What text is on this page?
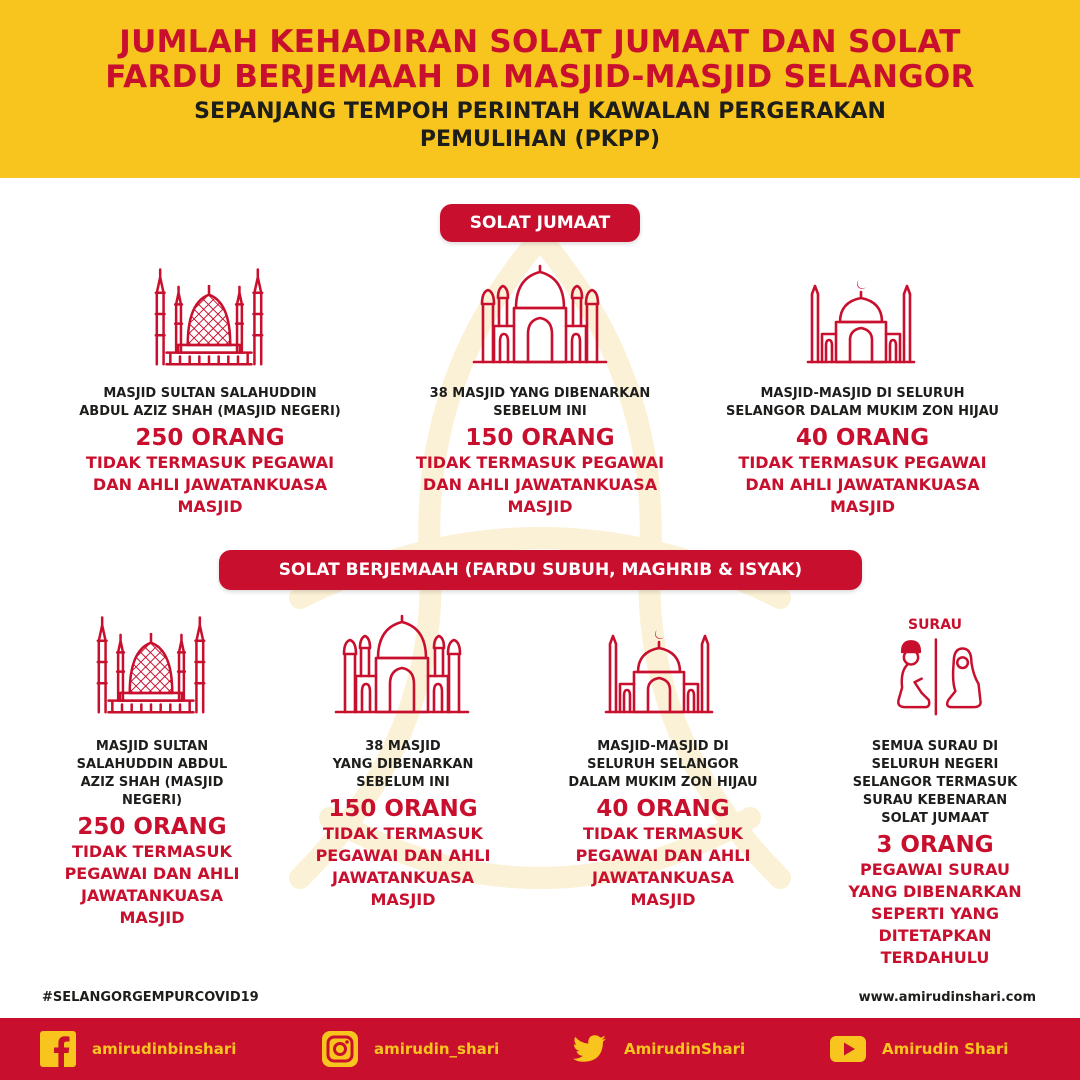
JUMLAH KEHADIRAN SOLAT JUMAAT DAN SOLAT
FARDU BERJEMAAH DI MASJID-MASJID SELANGOR
SEPANJANG TEMPOH PERINTAH KAWALAN PERGERAKAN
PEMULIHAN (PKPP)
SOLAT JUMAAT
MASJID SULTAN SALAHUDDIN
ABDUL AZIZ SHAH (MASJID NEGERI)
250 ORANG
TIDAK TERMASUK PEGAWAI
DAN AHLI JAWATANKUASA
MASJID
38 MASJID YANG DIBENARKAN
SEBELUM INI
150 ORANG
TIDAK TERMASUK PEGAWAI
DAN AHLI JAWATANKUASA
MASJID
MASJID-MASJID DI SELURUH
SELANGOR DALAM MUKIM ZON HIJAU
40 ORANG
TIDAK TERMASUK PEGAWAI
DAN AHLI JAWATANKUASA
MASJID
SOLAT BERJEMAAH (FARDU SUBUH, MAGHRIB & ISYAK)
SURAU
MASJID SULTAN
SALAHUDDIN ABDUL
AZIZ SHAH (MASJID
NEGERI)
250 ORANG
TIDAK TERMASUK
PEGAWAI DAN AHLI
JAWATANKUASA
MASJID
38 MASJID
YANG DIBENARKAN
SEBELUM INI
150 ORANG
TIDAK TERMASUK
PEGAWAI DAN AHLI
JAWATANKUASA
MASJID
MASJID-MASJID DI
SELURUH SELANGOR
DALAM MUKIM ZON HIJAU
40 ORANG
TIDAK TERMASUK
PEGAWAI DAN AHLI
JAWATANKUASA
MASJID
SEMUA SURAU DI
SELURUH NEGERI
SELANGOR TERMASUK
SURAU KEBENARAN
SOLAT JUMAAT
3 ORANG
PEGAWAI SURAU
YANG DIBENARKAN
SEPERTI YANG
DITETAPKAN
TERDAHULU
#SELANGORGEMPURCOVID19	www.amirudinshari.com
amirudinbinshari	amirudin_shari	AmirudinShari	Amirudin Shari
